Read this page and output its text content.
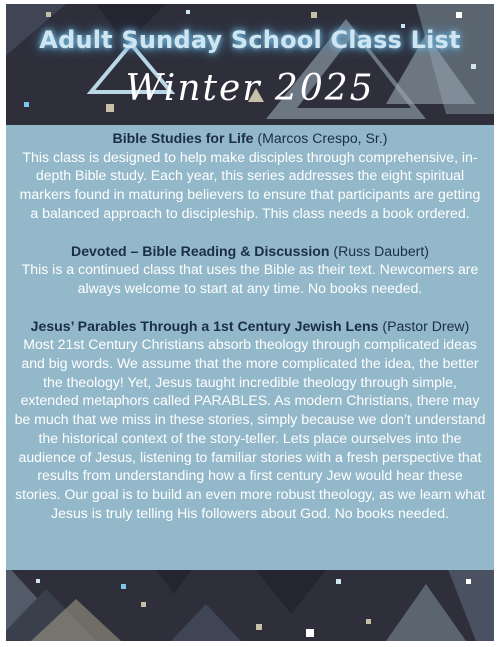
Adult Sunday School Class List
Winter 2025

Bible Studies for Life (Marcos Crespo, Sr.)
This class is designed to help make disciples through comprehensive, in-depth Bible study. Each year, this series addresses the eight spiritual markers found in maturing believers to ensure that participants are getting a balanced approach to discipleship. This class needs a book ordered.

Devoted – Bible Reading & Discussion (Russ Daubert)
This is a continued class that uses the Bible as their text. Newcomers are always welcome to start at any time. No books needed.

Jesus’ Parables Through a 1st Century Jewish Lens (Pastor Drew)
Most 21st Century Christians absorb theology through complicated ideas and big words. We assume that the more complicated the idea, the better the theology! Yet, Jesus taught incredible theology through simple, extended metaphors called PARABLES. As modern Christians, there may be much that we miss in these stories, simply because we don’t understand the historical context of the story-teller. Lets place ourselves into the audience of Jesus, listening to familiar stories with a fresh perspective that results from understanding how a first century Jew would hear these stories. Our goal is to build an even more robust theology, as we learn what Jesus is truly telling His followers about God. No books needed.
